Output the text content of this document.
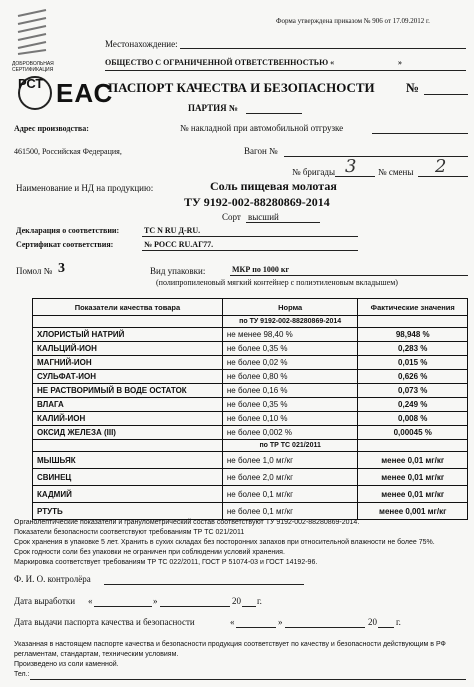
Форма утверждена приказом № 906 от 17.09.2012 г.
Местонахождение:
ОБЩЕСТВО С ОГРАНИЧЕННОЙ ОТВЕТСТВЕННОСТЬЮ «	»
ДОБРОВОЛЬНАЯ СЕРТИФИКАЦИЯ
РСТ ЕАС
ПАСПОРТ КАЧЕСТВА И БЕЗОПАСНОСТИ №
ПАРТИЯ №
Адрес производства:	№ накладной при автомобильной отгрузке
461500, Российская Федерация,	Вагон №
№ бригады 3 № смены 2
Наименование и НД на продукцию:	Соль пищевая молотая
ТУ 9192-002-88280869-2014
Сорт высший
Декларация о соответствии:	ТС N RU Д-RU.
Сертификат соответствия:	№ РОСС RU.АГ77.
Помол № 3	Вид упаковки:	МКР по 1000 кг
(полипропиленовый мягкий контейнер с полиэтиленовым вкладышем)
Показатели качества товара	Норма	Фактические значения
	по ТУ 9192-002-88280869-2014	
ХЛОРИСТЫЙ НАТРИЙ	не менее 98,40 %	98,948 %
КАЛЬЦИЙ-ИОН	не более 0,35 %	0,283 %
МАГНИЙ-ИОН	не более 0,02 %	0,015 %
СУЛЬФАТ-ИОН	не более 0,80 %	0,626 %
НЕ РАСТВОРИМЫЙ В ВОДЕ ОСТАТОК	не более 0,16 %	0,073 %
ВЛАГА	не более 0,35 %	0,249 %
КАЛИЙ-ИОН	не более 0,10 %	0,008 %
ОКСИД ЖЕЛЕЗА (III)	не более 0,002 %	0,00045 %
	по ТР ТС 021/2011	
МЫШЬЯК	не более 1,0 мг/кг	менее 0,01 мг/кг
СВИНЕЦ	не более 2,0 мг/кг	менее 0,01 мг/кг
КАДМИЙ	не более 0,1 мг/кг	менее 0,01 мг/кг
РТУТЬ	не более 0,1 мг/кг	менее 0,001 мг/кг
Органолептические показатели и гранулометрический состав соответствуют ТУ 9192-002-88280869-2014.
Показатели безопасности соответствуют требованиям ТР ТС 021/2011
Срок хранения в упаковке 5 лет. Хранить в сухих складах без посторонних запахов при относительной влажности не более 75%.
Срок годности соли без упаковки не ограничен при соблюдении условий хранения.
Маркировка соответствует требованиям ТР ТС 022/2011, ГОСТ Р 51074-03 и ГОСТ 14192-96.
Ф. И. О. контролёра
Дата выработки «	»	20 г.
Дата выдачи паспорта качества и безопасности	«	»	20 г.
Указанная в настоящем паспорте качества и безопасности продукция соответствует по качеству и безопасности действующим в РФ
регламентам, стандартам, техническим условиям.
Произведено из соли каменной.
Тел.:
